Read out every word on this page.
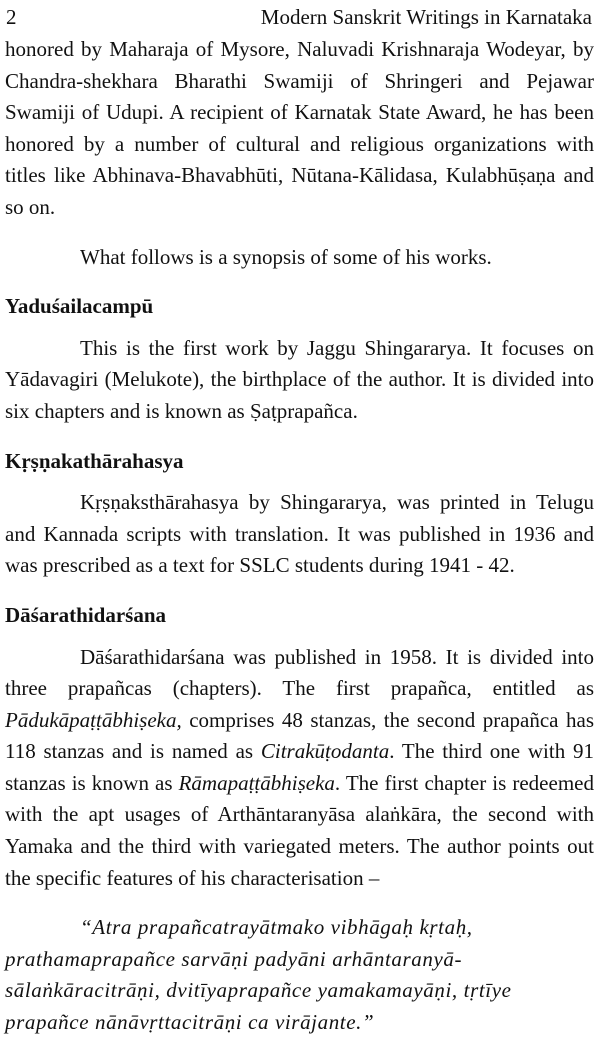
2	Modern Sanskrit Writings in Karnataka

honored by Maharaja of Mysore, Naluvadi Krishnaraja Wodeyar, by Chandra-shekhara Bharathi Swamiji of Shringeri and Pejawar Swamiji of Udupi. A recipient of Karnatak State Award, he has been honored by a number of cultural and religious organizations with titles like Abhinava-Bhavabhūti, Nūtana-Kālidasa, Kulabhūṣaṇa and so on.

What follows is a synopsis of some of his works.

Yaduśailacampū

This is the first work by Jaggu Shingararya. It focuses on Yādavagiri (Melukote), the birthplace of the author. It is divided into six chapters and is known as Ṣaṭprapañca.

Kṛṣṇakathārahasya

Kṛṣṇaksthārahasya by Shingararya, was printed in Telugu and Kannada scripts with translation. It was published in 1936 and was prescribed as a text for SSLC students during 1941 - 42.

Dāśarathidarśana

Dāśarathidarśana was published in 1958. It is divided into three prapañcas (chapters). The first prapañca, entitled as Pādukāpaṭṭābhiṣeka, comprises 48 stanzas, the second prapañca has 118 stanzas and is named as Citrakūṭodanta. The third one with 91 stanzas is known as Rāmapaṭṭābhiṣeka. The first chapter is redeemed with the apt usages of Arthāntaranyāsa alaṅkāra, the second with Yamaka and the third with variegated meters. The author points out the specific features of his characterisation –

“Atra prapañcatrayātmako vibhāgaḥ kṛtaḥ,

prathamaprapañce sarvāṇi padyāni arhāntaranyā-

sālaṅkāracitrāṇi, dvitīyaprapañce yamakamayāṇi, tṛtīye

prapañce nānāvṛttacitrāṇi ca virājante.”
